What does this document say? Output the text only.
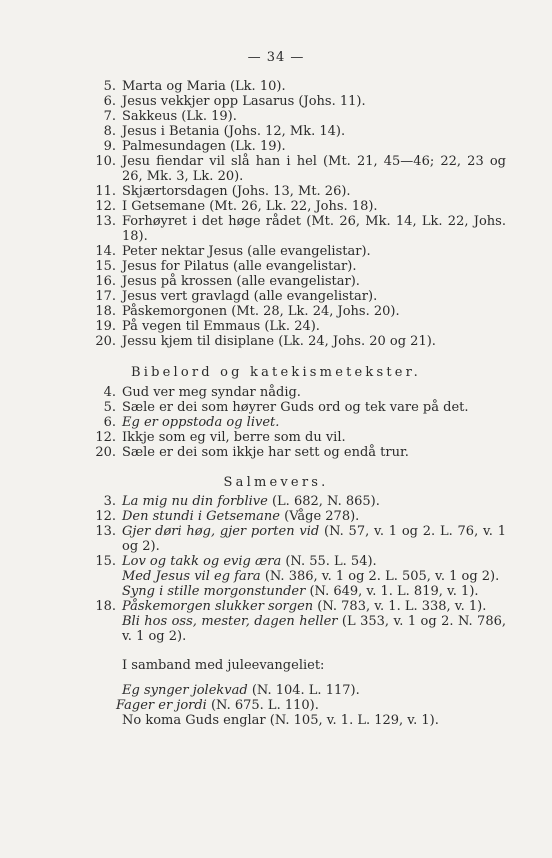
— 34 —
5. Marta og Maria (Lk. 10).
6. Jesus vekkjer opp Lasarus (Johs. 11).
7. Sakkeus (Lk. 19).
8. Jesus i Betania (Johs. 12, Mk. 14).
9. Palmesundagen (Lk. 19).
10. Jesu fiendar vil slå han i hel (Mt. 21, 45—46; 22, 23 og 26, Mk. 3, Lk. 20).
11. Skjærtorsdagen (Johs. 13, Mt. 26).
12. I Getsemane (Mt. 26, Lk. 22, Johs. 18).
13. Forhøyret i det høge rådet (Mt. 26, Mk. 14, Lk. 22, Johs. 18).
14. Peter nektar Jesus (alle evangelistar).
15. Jesus for Pilatus (alle evangelistar).
16. Jesus på krossen (alle evangelistar).
17. Jesus vert gravlagd (alle evangelistar).
18. Påskemorgonen (Mt. 28, Lk. 24, Johs. 20).
19. På vegen til Emmaus (Lk. 24).
20. Jessu kjem til disiplane (Lk. 24, Johs. 20 og 21).
Bibelord og katekismetekster.
4. Gud ver meg syndar nådig.
5. Sæle er dei som høyrer Guds ord og tek vare på det.
6. Eg er oppstoda og livet.
12. Ikkje som eg vil, berre som du vil.
20. Sæle er dei som ikkje har sett og endå trur.
Salmevers.
3. La mig nu din forblive (L. 682, N. 865).
12. Den stundi i Getsemane (Våge 278).
13. Gjer døri høg, gjer porten vid (N. 57, v. 1 og 2. L. 76, v. 1 og 2).
15. Lov og takk og evig æra (N. 55. L. 54).
Med Jesus vil eg fara (N. 386, v. 1 og 2. L. 505, v. 1 og 2).
Syng i stille morgonstunder (N. 649, v. 1. L. 819, v. 1).
18. Påskemorgen slukker sorgen (N. 783, v. 1. L. 338, v. 1).
Bli hos oss, mester, dagen heller (L 353, v. 1 og 2. N. 786, v. 1 og 2).
I samband med juleevangeliet:
Eg synger jolekvad (N. 104. L. 117).
Fager er jordi (N. 675. L. 110).
No koma Guds englar (N. 105, v. 1. L. 129, v. 1).
